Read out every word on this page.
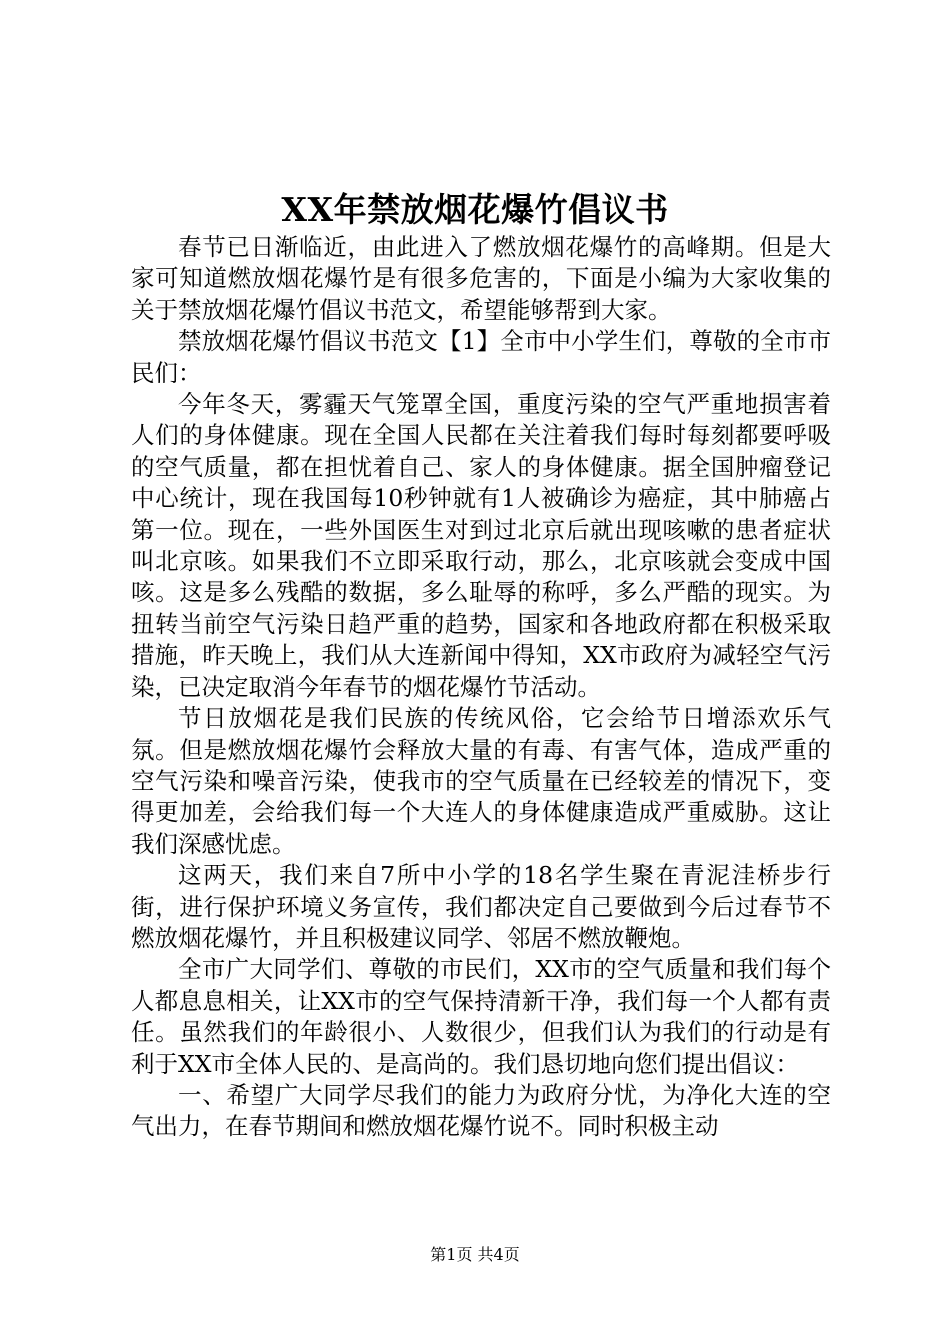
XX年禁放烟花爆竹倡议书

春节已日渐临近，由此进入了燃放烟花爆竹的高峰期。但是大家可知道燃放烟花爆竹是有很多危害的，下面是小编为大家收集的关于禁放烟花爆竹倡议书范文，希望能够帮到大家。

禁放烟花爆竹倡议书范文【1】全市中小学生们，尊敬的全市市民们：

今年冬天，雾霾天气笼罩全国，重度污染的空气严重地损害着人们的身体健康。现在全国人民都在关注着我们每时每刻都要呼吸的空气质量，都在担忧着自己、家人的身体健康。据全国肿瘤登记中心统计，现在我国每10秒钟就有1人被确诊为癌症，其中肺癌占第一位。现在，一些外国医生对到过北京后就出现咳嗽的患者症状叫北京咳。如果我们不立即采取行动，那么，北京咳就会变成中国咳。这是多么残酷的数据，多么耻辱的称呼，多么严酷的现实。为扭转当前空气污染日趋严重的趋势，国家和各地政府都在积极采取措施，昨天晚上，我们从大连新闻中得知，XX市政府为减轻空气污染，已决定取消今年春节的烟花爆竹节活动。

节日放烟花是我们民族的传统风俗，它会给节日增添欢乐气氛。但是燃放烟花爆竹会释放大量的有毒、有害气体，造成严重的空气污染和噪音污染，使我市的空气质量在已经较差的情况下，变得更加差，会给我们每一个大连人的身体健康造成严重威胁。这让我们深感忧虑。

这两天，我们来自7所中小学的18名学生聚在青泥洼桥步行街，进行保护环境义务宣传，我们都决定自己要做到今后过春节不燃放烟花爆竹，并且积极建议同学、邻居不燃放鞭炮。

全市广大同学们、尊敬的市民们，XX市的空气质量和我们每个人都息息相关，让XX市的空气保持清新干净，我们每一个人都有责任。虽然我们的年龄很小、人数很少，但我们认为我们的行动是有利于XX市全体人民的、是高尚的。我们恳切地向您们提出倡议：

一、希望广大同学尽我们的能力为政府分忧，为净化大连的空气出力，在春节期间和燃放烟花爆竹说不。同时积极主动

第1页 共4页
